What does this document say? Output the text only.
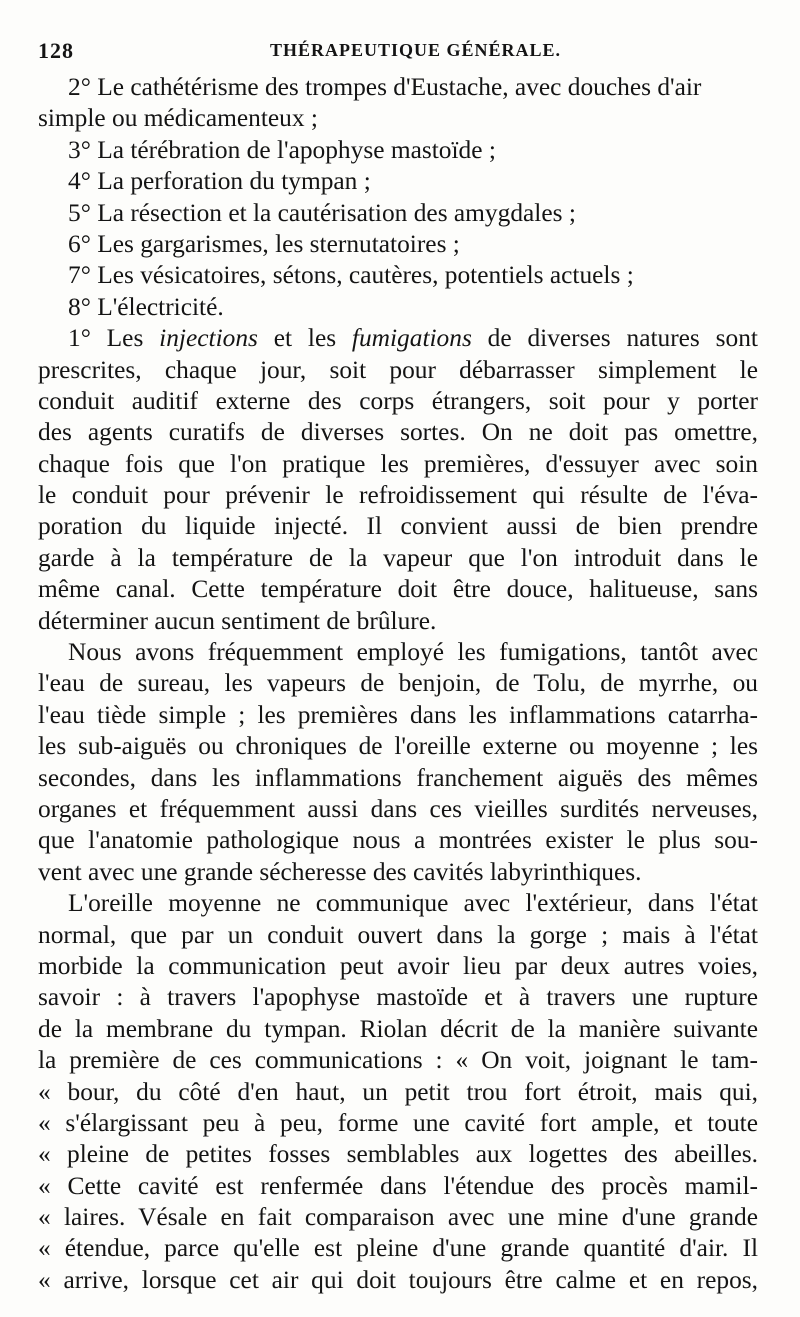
128	THÉRAPEUTIQUE GÉNÉRALE.
2° Le cathétérisme des trompes d'Eustache, avec douches d'air
simple ou médicamenteux ;
3° La térébration de l'apophyse mastoïde ;
4° La perforation du tympan ;
5° La résection et la cautérisation des amygdales ;
6° Les gargarismes, les sternutatoires ;
7° Les vésicatoires, sétons, cautères, potentiels actuels ;
8° L'électricité.
1° Les injections et les fumigations de diverses natures sont
prescrites, chaque jour, soit pour débarrasser simplement le
conduit auditif externe des corps étrangers, soit pour y porter
des agents curatifs de diverses sortes. On ne doit pas omettre,
chaque fois que l'on pratique les premières, d'essuyer avec soin
le conduit pour prévenir le refroidissement qui résulte de l'éva-
poration du liquide injecté. Il convient aussi de bien prendre
garde à la température de la vapeur que l'on introduit dans le
même canal. Cette température doit être douce, halitueuse, sans
déterminer aucun sentiment de brûlure.
Nous avons fréquemment employé les fumigations, tantôt avec
l'eau de sureau, les vapeurs de benjoin, de Tolu, de myrrhe, ou
l'eau tiède simple ; les premières dans les inflammations catarrha-
les sub-aiguës ou chroniques de l'oreille externe ou moyenne ; les
secondes, dans les inflammations franchement aiguës des mêmes
organes et fréquemment aussi dans ces vieilles surdités nerveuses,
que l'anatomie pathologique nous a montrées exister le plus sou-
vent avec une grande sécheresse des cavités labyrinthiques.
L'oreille moyenne ne communique avec l'extérieur, dans l'état
normal, que par un conduit ouvert dans la gorge ; mais à l'état
morbide la communication peut avoir lieu par deux autres voies,
savoir : à travers l'apophyse mastoïde et à travers une rupture
de la membrane du tympan. Riolan décrit de la manière suivante
la première de ces communications : « On voit, joignant le tam-
« bour, du côté d'en haut, un petit trou fort étroit, mais qui,
« s'élargissant peu à peu, forme une cavité fort ample, et toute
« pleine de petites fosses semblables aux logettes des abeilles.
« Cette cavité est renfermée dans l'étendue des procès mamil-
« laires. Vésale en fait comparaison avec une mine d'une grande
« étendue, parce qu'elle est pleine d'une grande quantité d'air. Il
« arrive, lorsque cet air qui doit toujours être calme et en repos,
